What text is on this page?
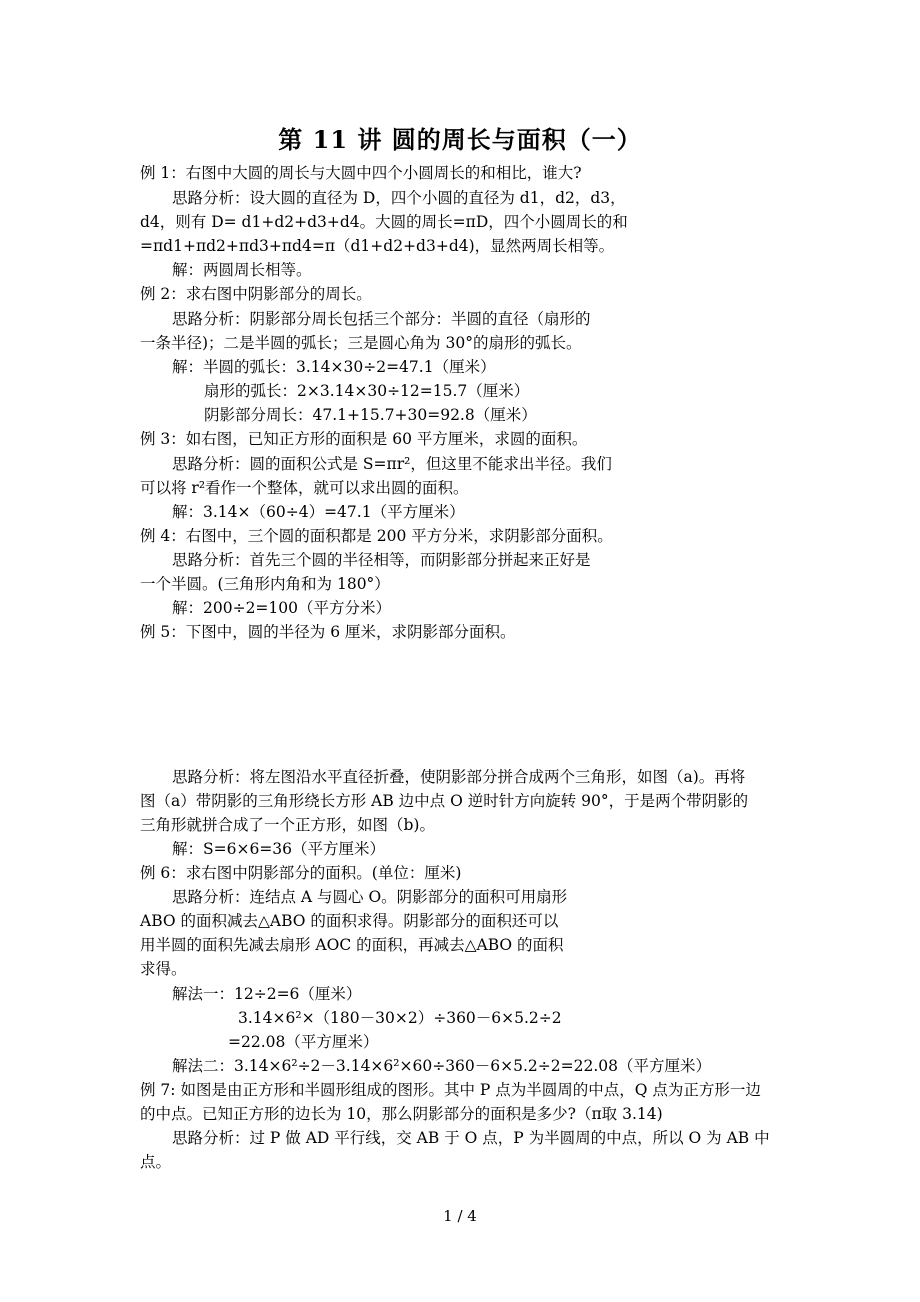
第 11 讲 圆的周长与面积（一）
例 1：右图中大圆的周长与大圆中四个小圆周长的和相比，谁大?
思路分析：设大圆的直径为 D，四个小圆的直径为 d1，d2，d3，
d4，则有 D= d1+d2+d3+d4。大圆的周长=πD，四个小圆周长的和
=πd1+πd2+πd3+πd4=π（d1+d2+d3+d4)，显然两周长相等。
解：两圆周长相等。
例 2：求右图中阴影部分的周长。
思路分析：阴影部分周长包括三个部分：半圆的直径（扇形的
一条半径)；二是半圆的弧长；三是圆心角为 30°的扇形的弧长。
解：半圆的弧长：3.14×30÷2=47.1（厘米）
扇形的弧长：2×3.14×30÷12=15.7（厘米）
阴影部分周长：47.1+15.7+30=92.8（厘米）
例 3：如右图，已知正方形的面积是 60 平方厘米，求圆的面积。
思路分析：圆的面积公式是 S=πr²，但这里不能求出半径。我们
可以将 r²看作一个整体，就可以求出圆的面积。
解：3.14×（60÷4）=47.1（平方厘米）
例 4：右图中，三个圆的面积都是 200 平方分米，求阴影部分面积。
思路分析：首先三个圆的半径相等，而阴影部分拼起来正好是
一个半圆。(三角形内角和为 180°）
解：200÷2=100（平方分米）
例 5：下图中，圆的半径为 6 厘米，求阴影部分面积。
思路分析：将左图沿水平直径折叠，使阴影部分拼合成两个三角形，如图（a)。再将
图（a）带阴影的三角形绕长方形 AB 边中点 O 逆时针方向旋转 90°，于是两个带阴影的
三角形就拼合成了一个正方形，如图（b)。
解：S=6×6=36（平方厘米）
例 6：求右图中阴影部分的面积。(单位：厘米)
思路分析：连结点 A 与圆心 O。阴影部分的面积可用扇形
ABO 的面积减去△ABO 的面积求得。阴影部分的面积还可以
用半圆的面积先减去扇形 AOC 的面积，再减去△ABO 的面积
求得。
解法一：12÷2=6（厘米）
3.14×6²×（180－30×2）÷360－6×5.2÷2
=22.08（平方厘米）
解法二：3.14×6²÷2－3.14×6²×60÷360－6×5.2÷2=22.08（平方厘米）
例 7: 如图是由正方形和半圆形组成的图形。其中 P 点为半圆周的中点，Q 点为正方形一边
的中点。已知正方形的边长为 10，那么阴影部分的面积是多少?（π取 3.14)
思路分析：过 P 做 AD 平行线，交 AB 于 O 点，P 为半圆周的中点，所以 O 为 AB 中
点。
1 / 4
